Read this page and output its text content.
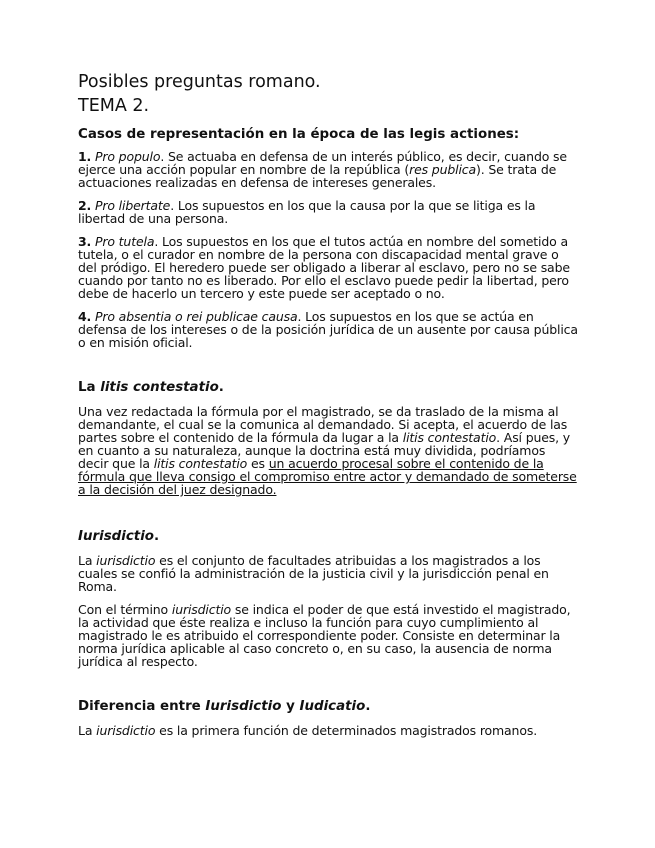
Posibles preguntas romano.
TEMA 2.
Casos de representación en la época de las legis actiones:

1. Pro populo. Se actuaba en defensa de un interés público, es decir, cuando se ejerce una acción popular en nombre de la república (res publica). Se trata de actuaciones realizadas en defensa de intereses generales.

2. Pro libertate. Los supuestos en los que la causa por la que se litiga es la libertad de una persona.

3. Pro tutela. Los supuestos en los que el tutos actúa en nombre del sometido a tutela, o el curador en nombre de la persona con discapacidad mental grave o del pródigo. El heredero puede ser obligado a liberar al esclavo, pero no se sabe cuando por tanto no es liberado. Por ello el esclavo puede pedir la libertad, pero debe de hacerlo un tercero y este puede ser aceptado o no.

4. Pro absentia o rei publicae causa. Los supuestos en los que se actúa en defensa de los intereses o de la posición jurídica de un ausente por causa pública o en misión oficial.

La litis contestatio.

Una vez redactada la fórmula por el magistrado, se da traslado de la misma al demandante, el cual se la comunica al demandado. Si acepta, el acuerdo de las partes sobre el contenido de la fórmula da lugar a la litis contestatio. Así pues, y en cuanto a su naturaleza, aunque la doctrina está muy dividida, podríamos decir que la litis contestatio es un acuerdo procesal sobre el contenido de la fórmula que lleva consigo el compromiso entre actor y demandado de someterse a la decisión del juez designado.

Iurisdictio.

La iurisdictio es el conjunto de facultades atribuidas a los magistrados a los cuales se confió la administración de la justicia civil y la jurisdicción penal en Roma.

Con el término iurisdictio se indica el poder de que está investido el magistrado, la actividad que éste realiza e incluso la función para cuyo cumplimiento al magistrado le es atribuido el correspondiente poder. Consiste en determinar la norma jurídica aplicable al caso concreto o, en su caso, la ausencia de norma jurídica al respecto.

Diferencia entre Iurisdictio y Iudicatio.

La iurisdictio es la primera función de determinados magistrados romanos.
